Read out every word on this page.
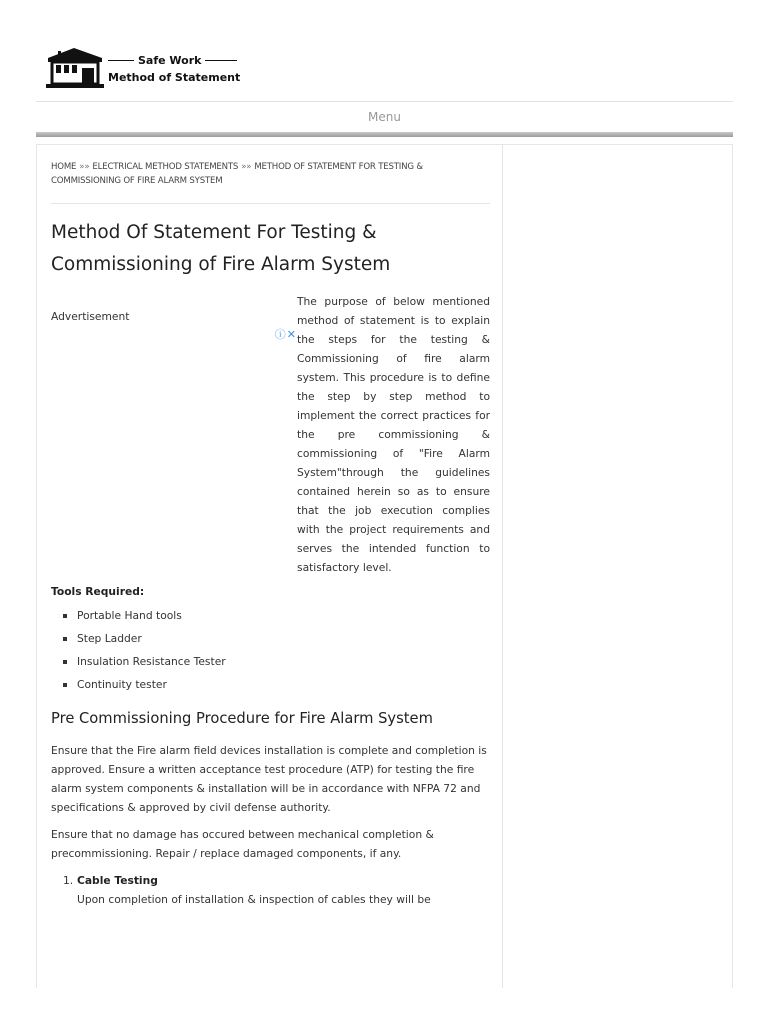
Safe Work
Method of Statement
Menu
HOME »» ELECTRICAL METHOD STATEMENTS »» METHOD OF STATEMENT FOR TESTING & COMMISSIONING OF FIRE ALARM SYSTEM
Method Of Statement For Testing & Commissioning of Fire Alarm System
Advertisement
ⓘ✕

The purpose of below mentioned method of statement is to explain the steps for the testing & Commissioning of fire alarm system. This procedure is to define the step by step method to implement the correct practices for the pre commissioning & commissioning of "Fire Alarm System"through the guidelines contained herein so as to ensure that the job execution complies with the project requirements and serves the intended function to satisfactory level.

Tools Required:

Portable Hand tools
Step Ladder
Insulation Resistance Tester
Continuity tester
Pre Commissioning Procedure for Fire Alarm System

Ensure that the Fire alarm field devices installation is complete and completion is approved. Ensure a written acceptance test procedure (ATP) for testing the fire alarm system components & installation will be in accordance with NFPA 72 and specifications & approved by civil defense authority.

Ensure that no damage has occured between mechanical completion & precommissioning. Repair / replace damaged components, if any.

1. Cable Testing
Upon completion of installation & inspection of cables they will be
